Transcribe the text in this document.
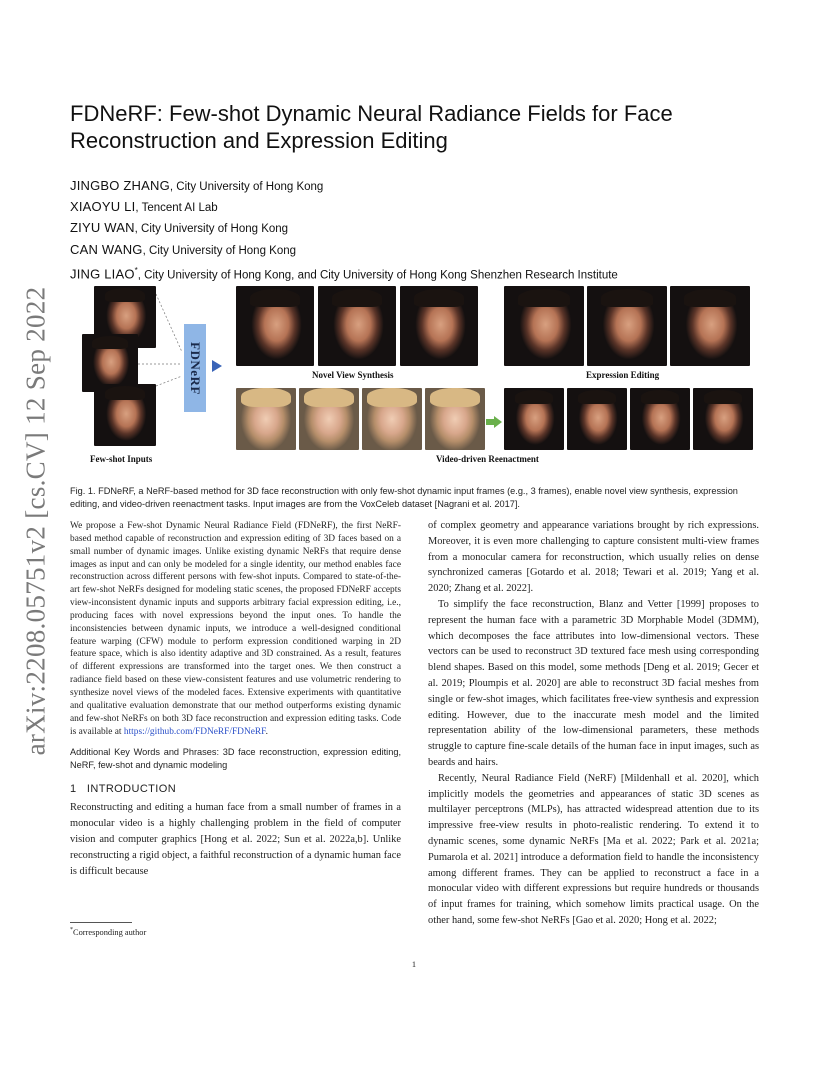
arXiv:2208.05751v2 [cs.CV] 12 Sep 2022
FDNeRF: Few-shot Dynamic Neural Radiance Fields for Face Reconstruction and Expression Editing
JINGBO ZHANG, City University of Hong Kong
XIAOYU LI, Tencent AI Lab
ZIYU WAN, City University of Hong Kong
CAN WANG, City University of Hong Kong
JING LIAO*, City University of Hong Kong, and City University of Hong Kong Shenzhen Research Institute
Few-shot Inputs
FDNeRF	Novel View Synthesis	Expression Editing
Video-driven Reenactment

Fig. 1. FDNeRF, a NeRF-based method for 3D face reconstruction with only few-shot dynamic input frames (e.g., 3 frames), enable novel view synthesis, expression editing, and video-driven reenactment tasks. Input images are from the VoxCeleb dataset [Nagrani et al. 2017].

We propose a Few-shot Dynamic Neural Radiance Field (FDNeRF), the first NeRF-based method capable of reconstruction and expression editing of 3D faces based on a small number of dynamic images. Unlike existing dynamic NeRFs that require dense images as input and can only be modeled for a single identity, our method enables face reconstruction across different persons with few-shot inputs. Compared to state-of-the-art few-shot NeRFs designed for modeling static scenes, the proposed FDNeRF accepts view-inconsistent dynamic inputs and supports arbitrary facial expression editing, i.e., producing faces with novel expressions beyond the input ones. To handle the inconsistencies between dynamic inputs, we introduce a well-designed conditional feature warping (CFW) module to perform expression conditioned warping in 2D feature space, which is also identity adaptive and 3D constrained. As a result, features of different expressions are transformed into the target ones. We then construct a radiance field based on these view-consistent features and use volumetric rendering to synthesize novel views of the modeled faces. Extensive experiments with quantitative and qualitative evaluation demonstrate that our method outperforms existing dynamic and few-shot NeRFs on both 3D face reconstruction and expression editing tasks. Code is available at https://github.com/FDNeRF/FDNeRF.

Additional Key Words and Phrases: 3D face reconstruction, expression editing, NeRF, few-shot and dynamic modeling

1 INTRODUCTION

Reconstructing and editing a human face from a small number of frames in a monocular video is a highly challenging problem in the field of computer vision and computer graphics [Hong et al. 2022; Sun et al. 2022a,b]. Unlike reconstructing a rigid object, a faithful reconstruction of a dynamic human face is difficult because

of complex geometry and appearance variations brought by rich expressions. Moreover, it is even more challenging to capture consistent multi-view frames from a monocular camera for reconstruction, which usually relies on dense synchronized cameras [Gotardo et al. 2018; Tewari et al. 2019; Yang et al. 2020; Zhang et al. 2022].

To simplify the face reconstruction, Blanz and Vetter [1999] proposes to represent the human face with a parametric 3D Morphable Model (3DMM), which decomposes the face attributes into low-dimensional vectors. These vectors can be used to reconstruct 3D textured face mesh using corresponding blend shapes. Based on this model, some methods [Deng et al. 2019; Gecer et al. 2019; Ploumpis et al. 2020] are able to reconstruct 3D facial meshes from single or few-shot images, which facilitates free-view synthesis and expression editing. However, due to the inaccurate mesh model and the limited representation ability of the low-dimensional parameters, these methods struggle to capture fine-scale details of the human face in input images, such as beards and hairs.

Recently, Neural Radiance Field (NeRF) [Mildenhall et al. 2020], which implicitly models the geometries and appearances of static 3D scenes as multilayer perceptrons (MLPs), has attracted widespread attention due to its impressive free-view results in photo-realistic rendering. To extend it to dynamic scenes, some dynamic NeRFs [Ma et al. 2022; Park et al. 2021a; Pumarola et al. 2021] introduce a deformation field to handle the inconsistency among different frames. They can be applied to reconstruct a face in a monocular video with different expressions but require hundreds or thousands of input frames for training, which somehow limits practical usage. On the other hand, some few-shot NeRFs [Gao et al. 2020; Hong et al. 2022;

*Corresponding author
1
